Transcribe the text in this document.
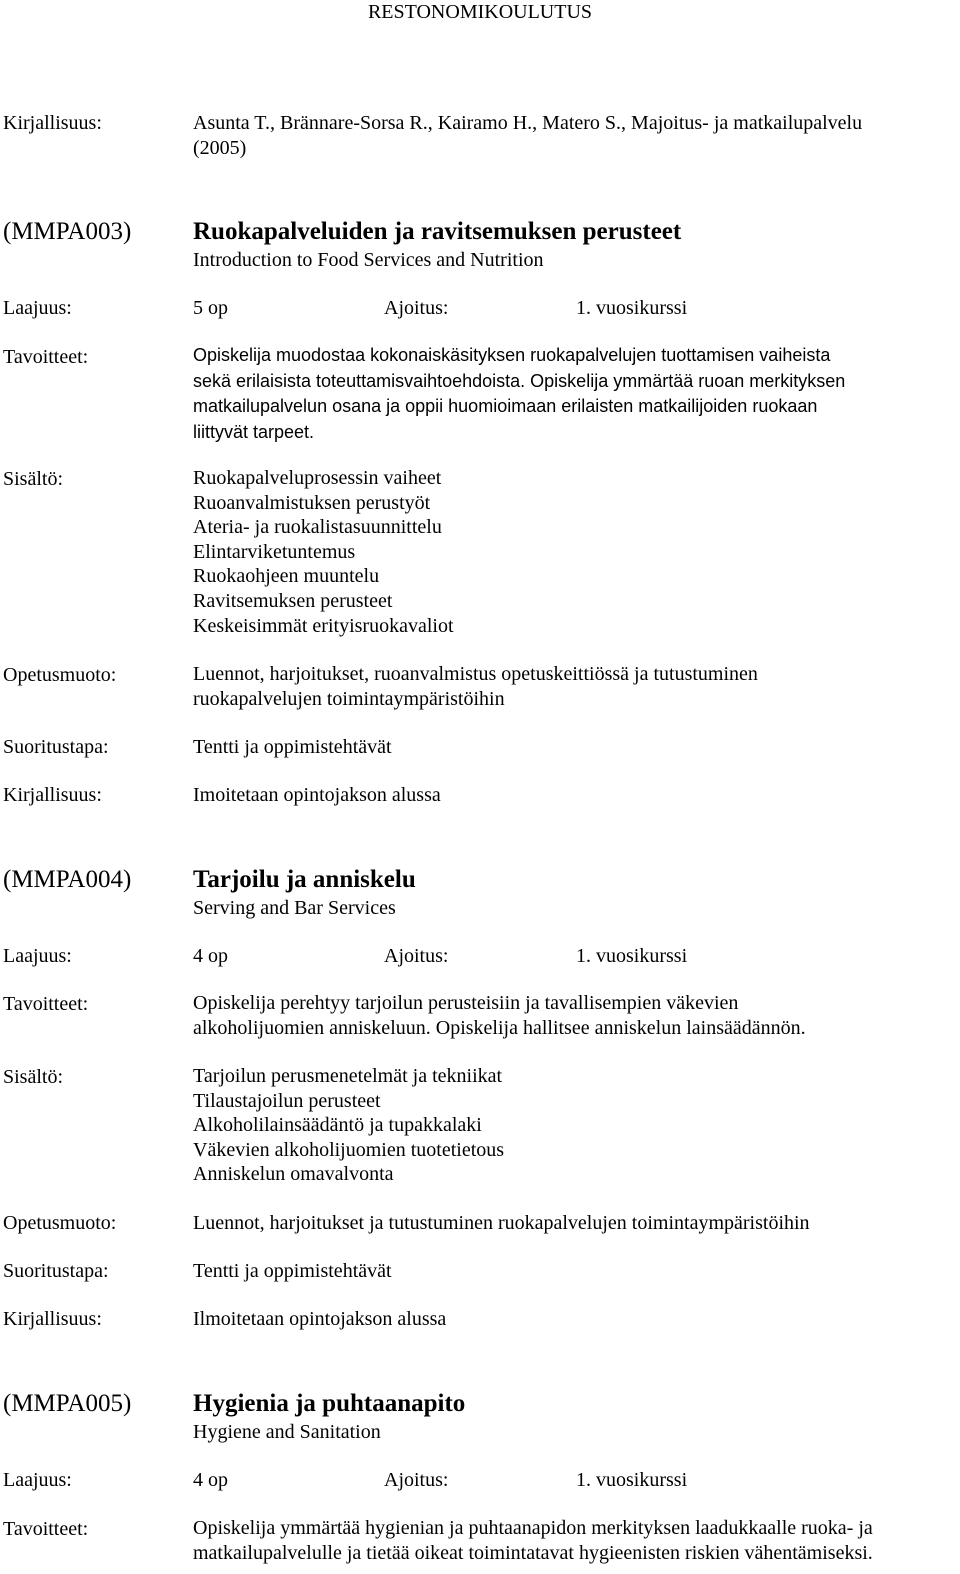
RESTONOMIKOULUTUS
Kirjallisuus:	Asunta T., Brännare-Sorsa R., Kairamo H., Matero S., Majoitus- ja matkailupalvelu
(2005)
(MMPA003) Ruokapalveluiden ja ravitsemuksen perusteet
Introduction to Food Services and Nutrition
Laajuus:	5 op	Ajoitus:	1. vuosikurssi
Tavoitteet:	Opiskelija muodostaa kokonaiskäsityksen ruokapalvelujen tuottamisen vaiheista
sekä erilaisista toteuttamisvaihtoehdoista. Opiskelija ymmärtää ruoan merkityksen
matkailupalvelun osana ja oppii huomioimaan erilaisten matkailijoiden ruokaan
liittyvät tarpeet.
Sisältö:	Ruokapalveluprosessin vaiheet
Ruoanvalmistuksen perustyöt
Ateria- ja ruokalistasuunnittelu
Elintarviketuntemus
Ruokaohjeen muuntelu
Ravitsemuksen perusteet
Keskeisimmät erityisruokavaliot
Opetusmuoto:	Luennot, harjoitukset, ruoanvalmistus opetuskeittiössä ja tutustuminen
ruokapalvelujen toimintaympäristöihin
Suoritustapa:	Tentti ja oppimistehtävät
Kirjallisuus:	Imoitetaan opintojakson alussa
(MMPA004) Tarjoilu ja anniskelu
Serving and Bar Services
Laajuus:	4 op	Ajoitus:	1. vuosikurssi
Tavoitteet:	Opiskelija perehtyy tarjoilun perusteisiin ja tavallisempien väkevien
alkoholijuomien anniskeluun. Opiskelija hallitsee anniskelun lainsäädännön.
Sisältö:	Tarjoilun perusmenetelmät ja tekniikat
Tilaustajoilun perusteet
Alkoholilainsäädäntö ja tupakkalaki
Väkevien alkoholijuomien tuotetietous
Anniskelun omavalvonta
Opetusmuoto:	Luennot, harjoitukset ja tutustuminen ruokapalvelujen toimintaympäristöihin
Suoritustapa:	Tentti ja oppimistehtävät
Kirjallisuus:	Ilmoitetaan opintojakson alussa
(MMPA005) Hygienia ja puhtaanapito
Hygiene and Sanitation
Laajuus:	4 op	Ajoitus:	1. vuosikurssi
Tavoitteet:	Opiskelija ymmärtää hygienian ja puhtaanapidon merkityksen laadukkaalle ruoka- ja
matkailupalvelulle ja tietää oikeat toimintatavat hygieenisten riskien vähentämiseksi.
